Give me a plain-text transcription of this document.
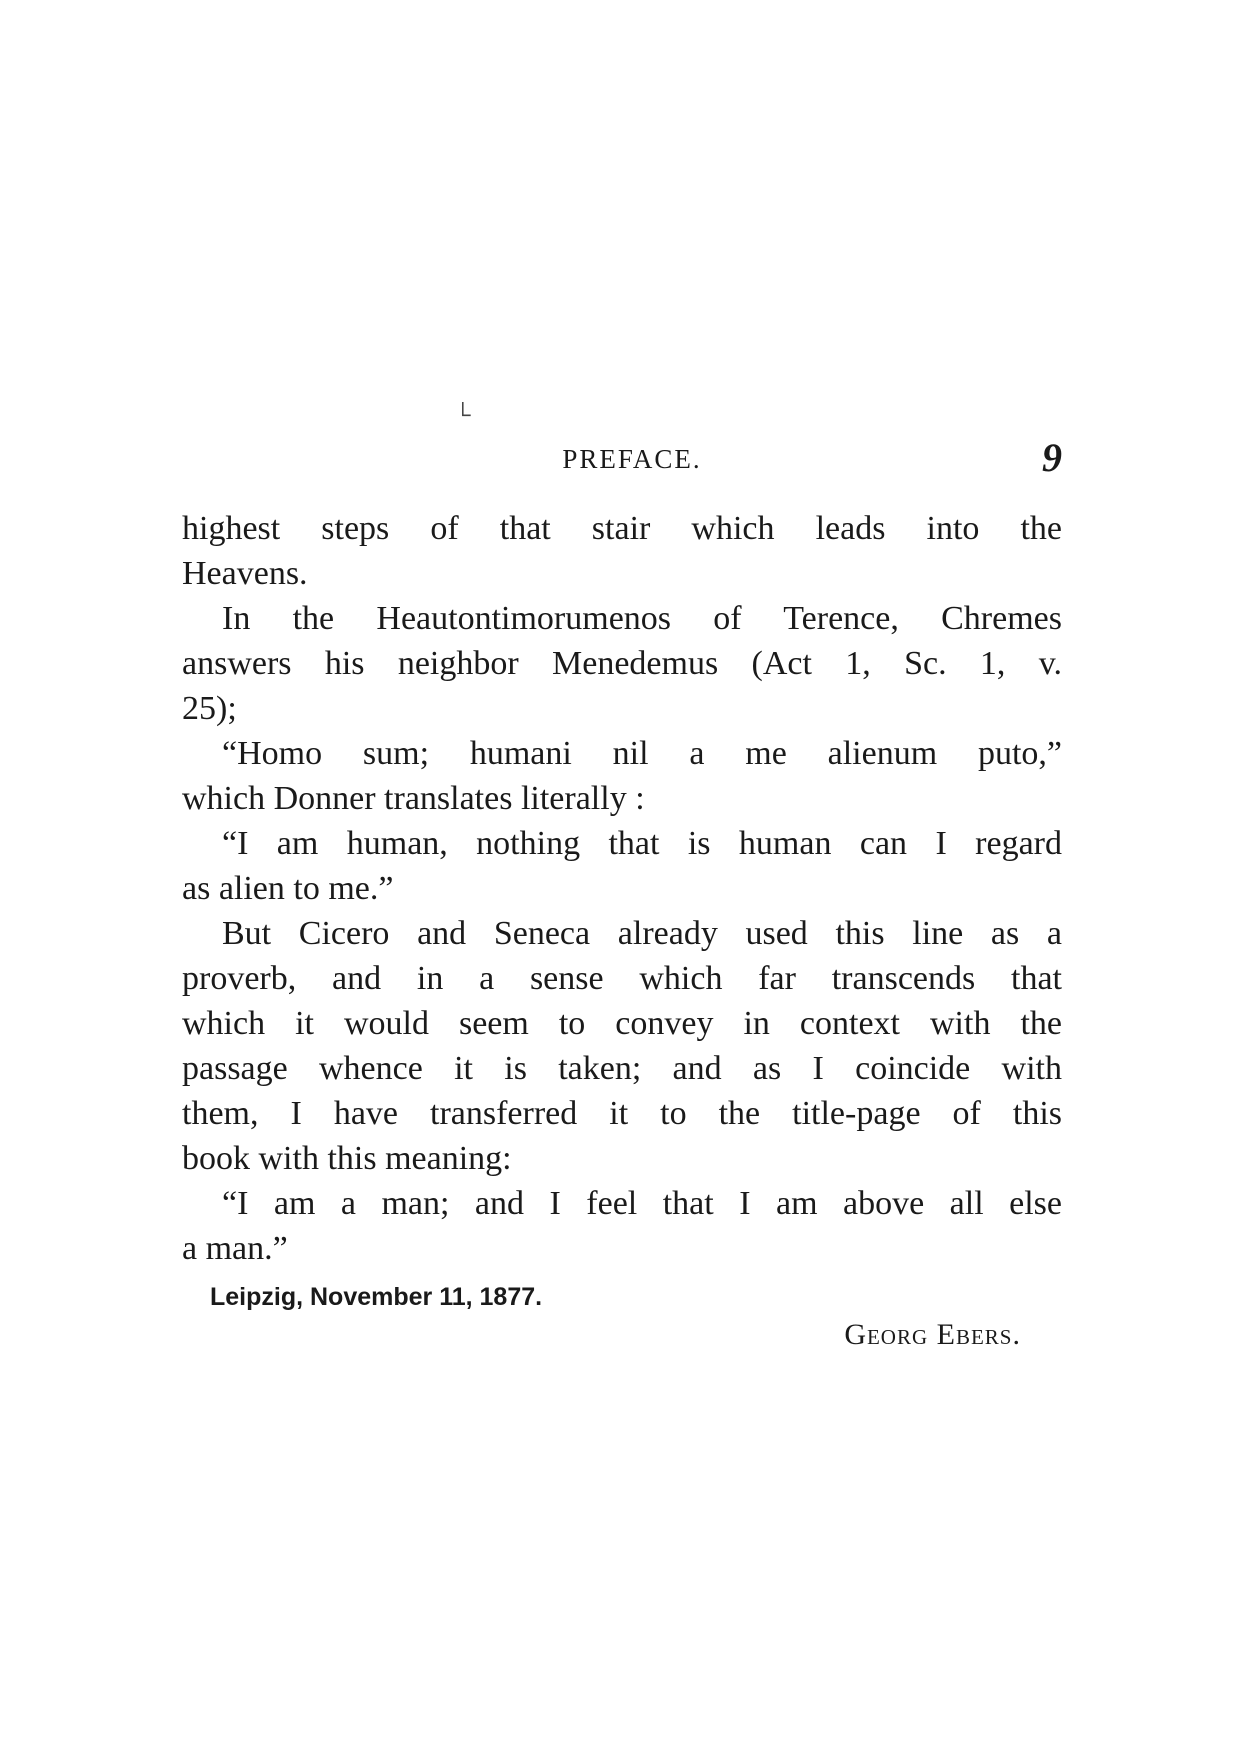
└
PREFACE.	9
highest steps of that stair which leads into the
Heavens.
In the Heautontimorumenos of Terence, Chremes
answers his neighbor Menedemus (Act 1, Sc. 1, v.
25);
“Homo sum; humani nil a me alienum puto,”
which Donner translates literally :
“I am human, nothing that is human can I regard
as alien to me.”
But Cicero and Seneca already used this line as a
proverb, and in a sense which far transcends that
which it would seem to convey in context with the
passage whence it is taken; and as I coincide with
them, I have transferred it to the title-page of this
book with this meaning:
“I am a man; and I feel that I am above all else
a man.”
Leipzig, November 11, 1877.
Georg Ebers.
